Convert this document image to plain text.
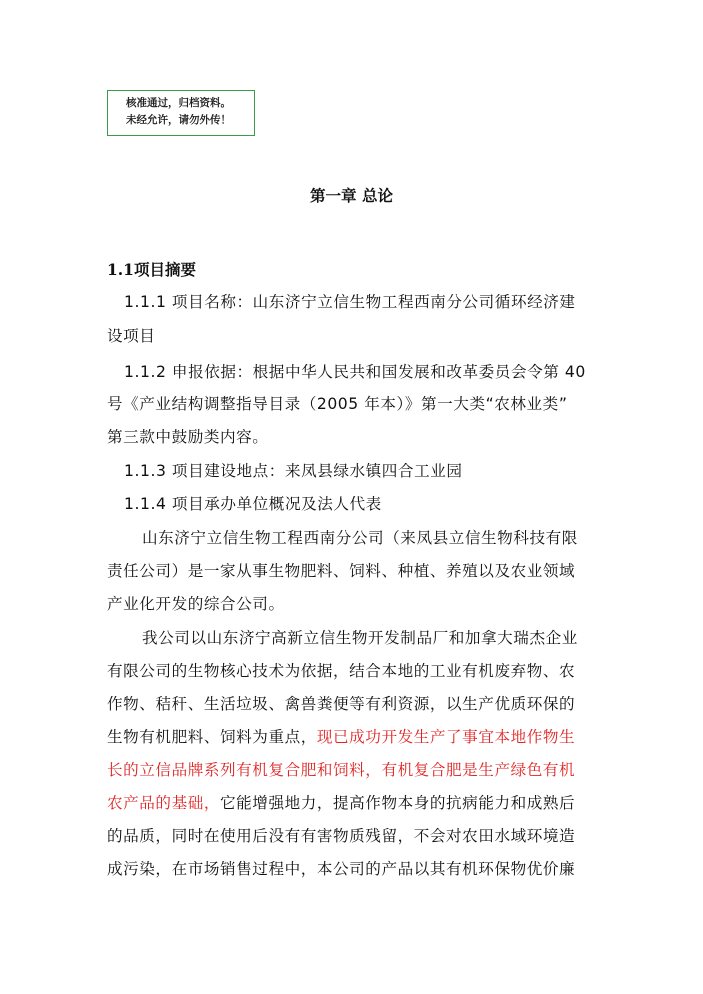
核准通过，归档资料。
未经允许，请勿外传！
第一章 总论
1.1项目摘要
1.1.1 项目名称：山东济宁立信生物工程西南分公司循环经济建
设项目
1.1.2 申报依据：根据中华人民共和国发展和改革委员会令第 40
号《产业结构调整指导目录（2005 年本）》第一大类“农林业类”
第三款中鼓励类内容。
1.1.3 项目建设地点：来凤县绿水镇四合工业园
1.1.4 项目承办单位概况及法人代表
山东济宁立信生物工程西南分公司（来凤县立信生物科技有限
责任公司）是一家从事生物肥料、饲料、种植、养殖以及农业领域
产业化开发的综合公司。
我公司以山东济宁高新立信生物开发制品厂和加拿大瑞杰企业
有限公司的生物核心技术为依据，结合本地的工业有机废弃物、农
作物、秸秆、生活垃圾、禽兽粪便等有利资源，以生产优质环保的
生物有机肥料、饲料为重点，现已成功开发生产了事宜本地作物生
长的立信品牌系列有机复合肥和饲料，有机复合肥是生产绿色有机
农产品的基础，它能增强地力，提高作物本身的抗病能力和成熟后
的品质，同时在使用后没有有害物质残留，不会对农田水域环境造
成污染，在市场销售过程中，本公司的产品以其有机环保物优价廉
